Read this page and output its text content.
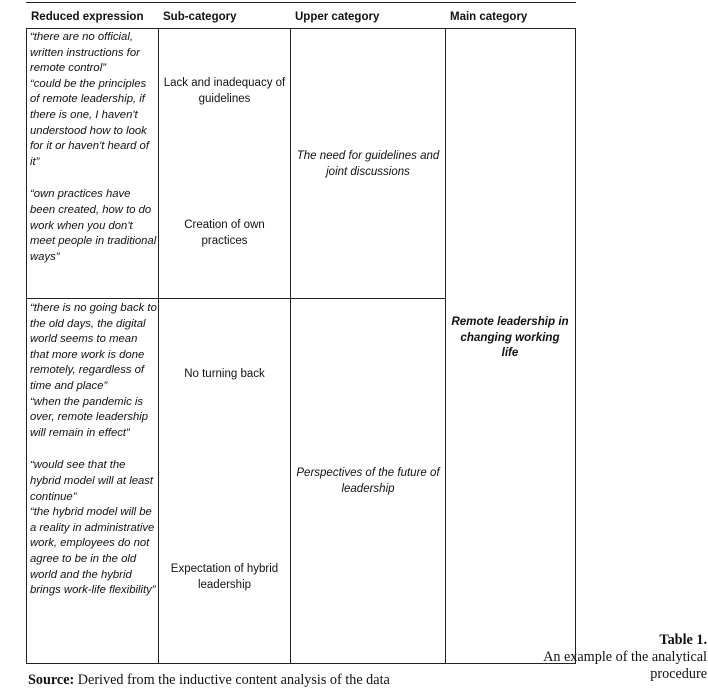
Reduced expression Sub-category	Upper category	Main category

“there are no official, written instructions for remote control”

“could be the principles of remote leadership, if there is one, I haven't understood how to look for it or haven't heard of it”

“own practices have been created, how to do work when you don't meet people in traditional ways”

Lack and inadequacy of guidelines
Creation of own practices
The need for guidelines and joint discussions

“there is no going back to the old days, the digital world seems to mean that more work is done remotely, regardless of time and place”

“when the pandemic is over, remote leadership will remain in effect”

“would see that the hybrid model will at least continue”

“the hybrid model will be a reality in administrative work, employees do not agree to be in the old world and the hybrid brings work-life flexibility”

No turning back
Expectation of hybrid leadership
Perspectives of the future of leadership
Remote leadership in changing working life
Source: Derived from the inductive content analysis of the data
Table 1.
An example of the analytical procedure
